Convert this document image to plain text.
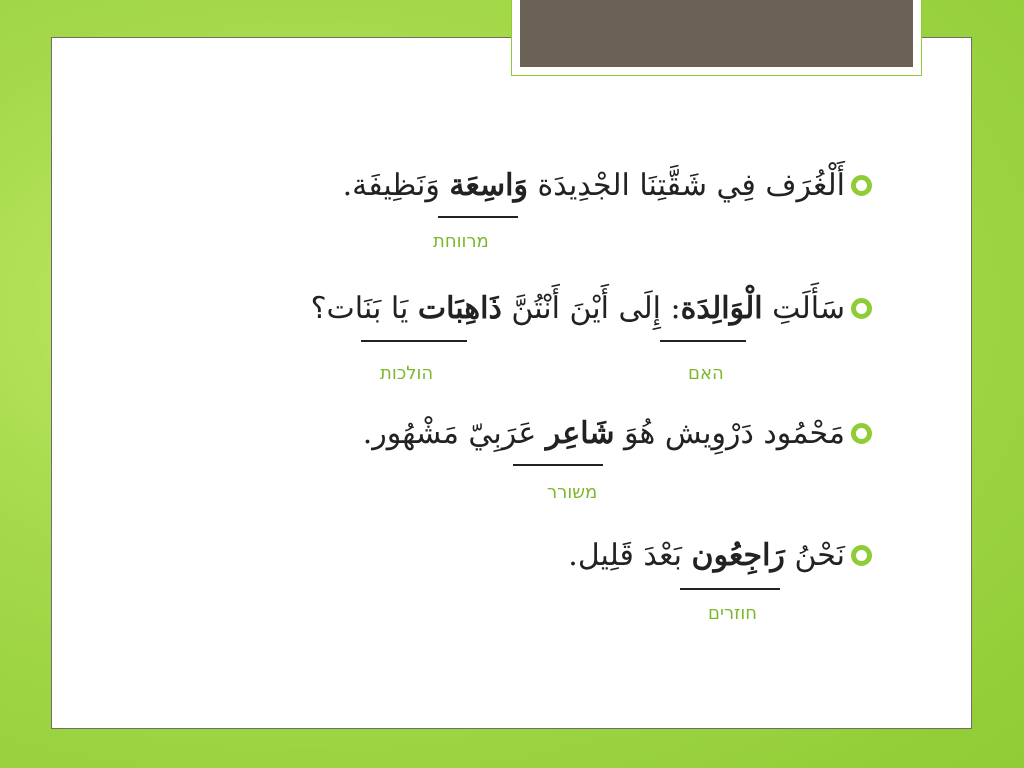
أَلْغُرَف فِي شَقَّتِنَا الجْدِيدَة وَاسِعَة وَنَظِيفَة.
מרווחת
سَأَلَتِ الْوَالِدَة: إِلَى أَيْنَ أَنْتُنَّ ذَاهِبَات يَا بَنَات؟
האם
הולכות
مَحْمُود دَرْوِيش هُوَ شَاعِر عَرَبِيّ مَشْهُور.
משורר
نَحْنُ رَاجِعُون بَعْدَ قَلِيل.
חוזרים
